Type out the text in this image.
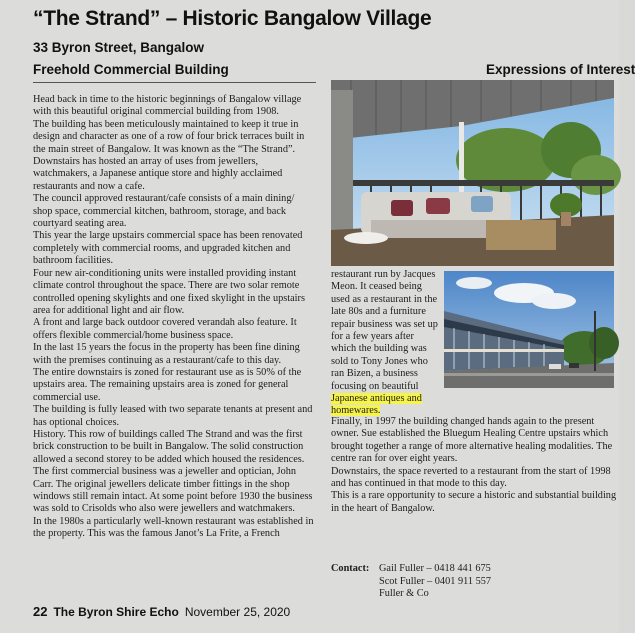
“The Strand” – Historic Bangalow Village
33 Byron Street, Bangalow
Freehold Commercial Building	Expressions of Interest

Head back in time to the historic beginnings of Bangalow village with this beautiful original commercial building from 1908.

The building has been meticulously maintained to keep it true in design and character as one of a row of four brick terraces built in the main street of Bangalow. It was known as the “The Strand”.

Downstairs has hosted an array of uses from jewellers, watchmakers, a Japanese antique store and highly acclaimed restaurants and now a cafe.

The council approved restaurant/cafe consists of a main dining/ shop space, commercial kitchen, bathroom, storage, and back courtyard seating area.

This year the large upstairs commercial space has been renovated completely with commercial rooms, and upgraded kitchen and bathroom facilities.

Four new air-conditioning units were installed providing instant climate control throughout the space. There are two solar remote controlled opening skylights and one fixed skylight in the upstairs area for additional light and air flow.

A front and large back outdoor covered verandah also feature. It offers flexible commercial/home business space.

In the last 15 years the focus in the property has been fine dining with the premises continuing as a restaurant/cafe to this day.

The entire downstairs is zoned for restaurant use as is 50% of the upstairs area. The remaining upstairs area is zoned for general commercial use.

The building is fully leased with two separate tenants at present and has optional choices.

History. This row of buildings called The Strand and was the first brick construction to be built in Bangalow. The solid construction allowed a second storey to be added which housed the residences.

The first commercial business was a jeweller and optician, John Carr. The original jewellers delicate timber fittings in the shop windows still remain intact. At some point before 1930 the business was sold to Crisolds who also were jewellers and watchmakers.

In the 1980s a particularly well-known restaurant was established in the property. This was the famous Janot’s La Frite, a French

restaurant run by Jacques Meon. It ceased being used as a restaurant in the late 80s and a furniture repair business was set up for a few years after which the building was sold to Tony Jones who ran Bizen, a business focusing on beautiful Japanese antiques and homewares.

Finally, in 1997 the building changed hands again to the present owner. Sue established the Bluegum Healing Centre upstairs which brought together a range of more alternative healing modalities. The centre ran for over eight years.

Downstairs, the space reverted to a restaurant from the start of 1998 and has continued in that mode to this day.

This is a rare opportunity to secure a historic and substantial building in the heart of Bangalow.

Contact: Gail Fuller – 0418 441 675
Scot Fuller – 0401 911 557
Fuller & Co
22 The Byron Shire Echo November 25, 2020
